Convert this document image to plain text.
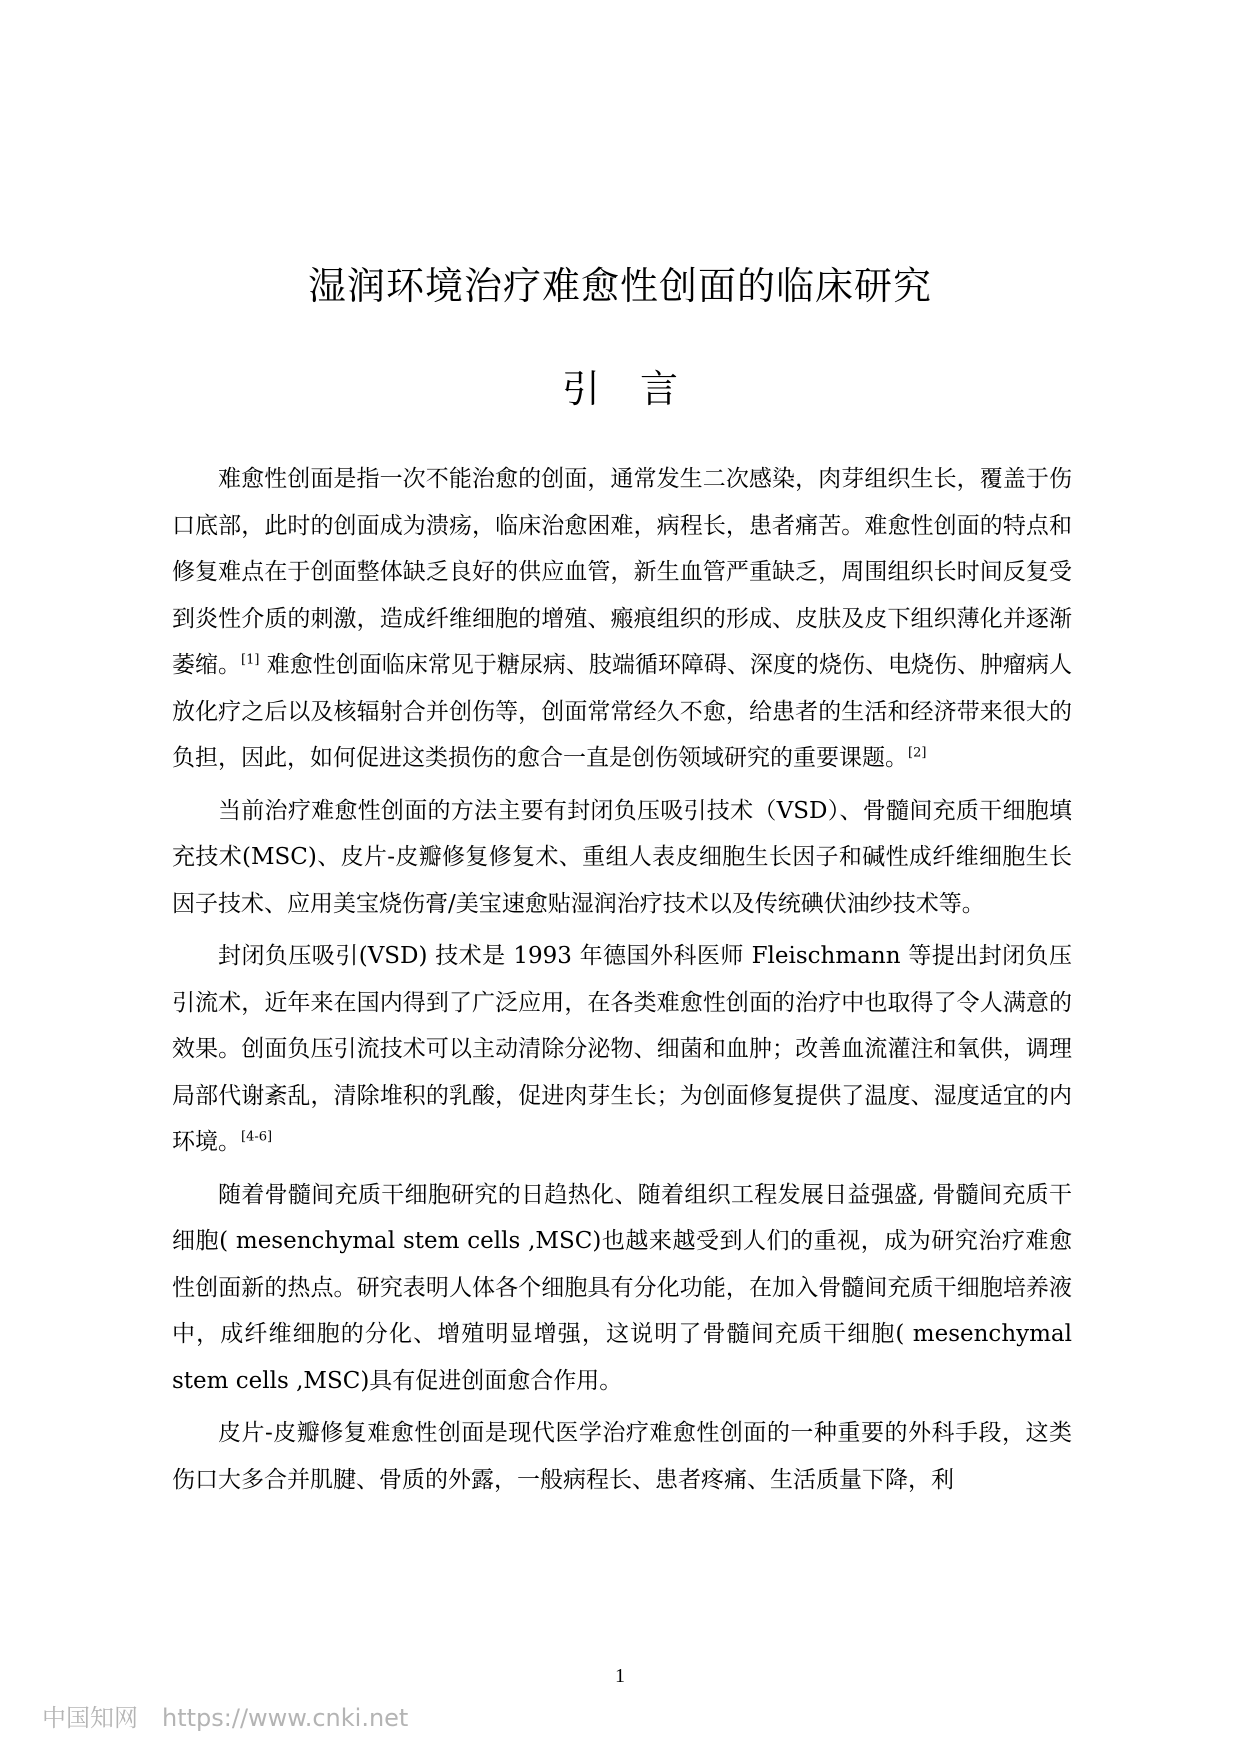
湿润环境治疗难愈性创面的临床研究
引言

难愈性创面是指一次不能治愈的创面，通常发生二次感染，肉芽组织生长，覆盖于伤口底部，此时的创面成为溃疡，临床治愈困难，病程长，患者痛苦。难愈性创面的特点和修复难点在于创面整体缺乏良好的供应血管，新生血管严重缺乏，周围组织长时间反复受到炎性介质的刺激，造成纤维细胞的增殖、瘢痕组织的形成、皮肤及皮下组织薄化并逐渐萎缩。[1] 难愈性创面临床常见于糖尿病、肢端循环障碍、深度的烧伤、电烧伤、肿瘤病人放化疗之后以及核辐射合并创伤等，创面常常经久不愈，给患者的生活和经济带来很大的负担，因此，如何促进这类损伤的愈合一直是创伤领域研究的重要课题。[2]

当前治疗难愈性创面的方法主要有封闭负压吸引技术（VSD）、骨髓间充质干细胞填充技术(MSC)、皮片-皮瓣修复修复术、重组人表皮细胞生长因子和碱性成纤维细胞生长因子技术、应用美宝烧伤膏/美宝速愈贴湿润治疗技术以及传统碘伏油纱技术等。

封闭负压吸引(VSD) 技术是 1993 年德国外科医师 Fleischmann 等提出封闭负压引流术，近年来在国内得到了广泛应用，在各类难愈性创面的治疗中也取得了令人满意的效果。创面负压引流技术可以主动清除分泌物、细菌和血肿；改善血流灌注和氧供，调理局部代谢紊乱，清除堆积的乳酸，促进肉芽生长；为创面修复提供了温度、湿度适宜的内环境。[4-6]

随着骨髓间充质干细胞研究的日趋热化、随着组织工程发展日益强盛, 骨髓间充质干细胞( mesenchymal stem cells ,MSC)也越来越受到人们的重视，成为研究治疗难愈性创面新的热点。研究表明人体各个细胞具有分化功能，在加入骨髓间充质干细胞培养液中，成纤维细胞的分化、增殖明显增强，这说明了骨髓间充质干细胞( mesenchymal stem cells ,MSC)具有促进创面愈合作用。

皮片-皮瓣修复难愈性创面是现代医学治疗难愈性创面的一种重要的外科手段，这类伤口大多合并肌腱、骨质的外露，一般病程长、患者疼痛、生活质量下降，利

1
中国知网 https://www.cnki.net
